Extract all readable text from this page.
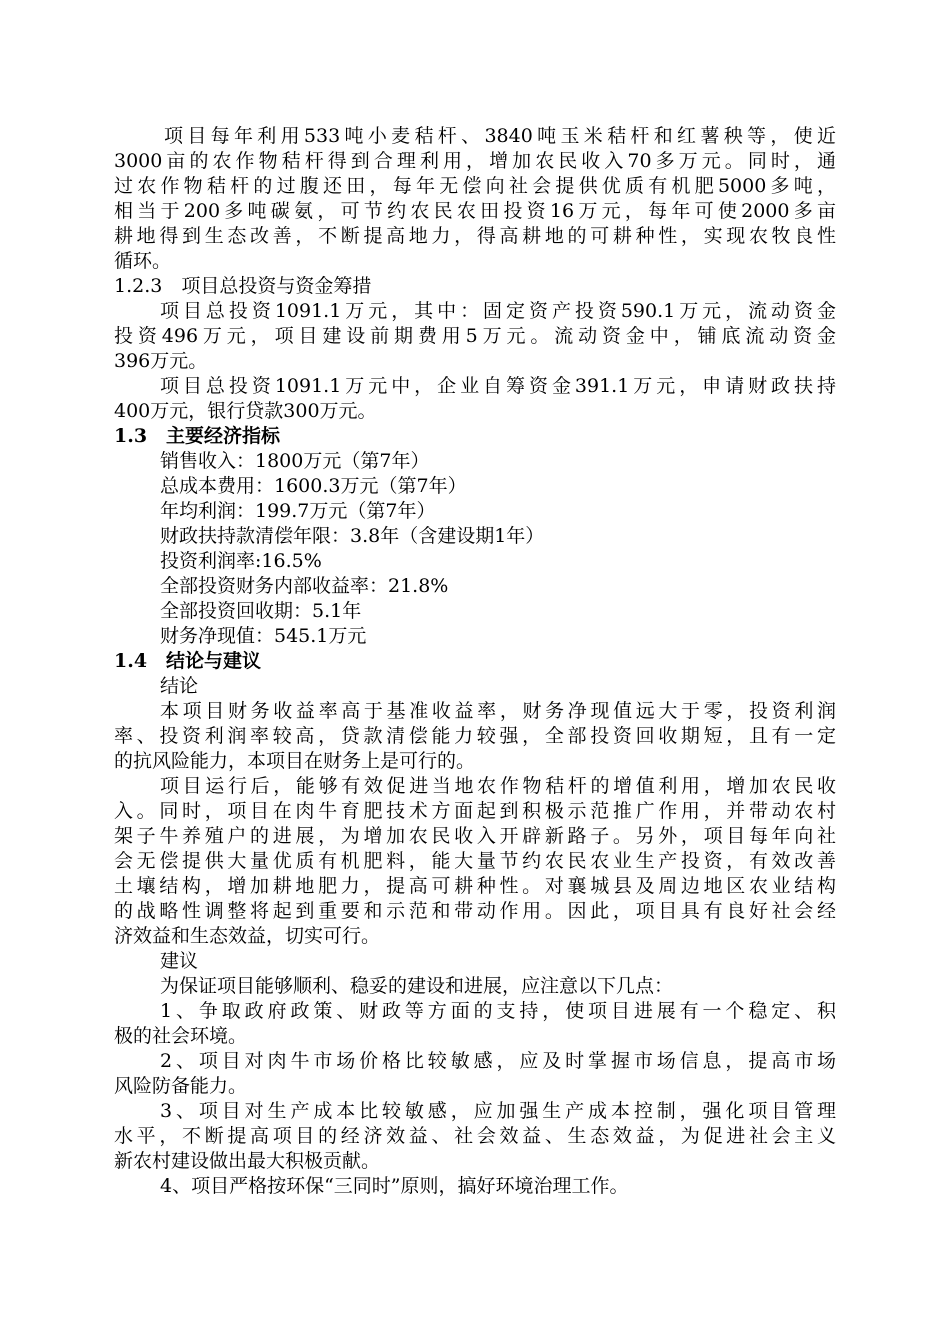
项目每年利用533吨小麦秸杆、3840吨玉米秸杆和红薯秧等，使近
3000亩的农作物秸杆得到合理利用，增加农民收入70多万元。同时，通
过农作物秸杆的过腹还田，每年无偿向社会提供优质有机肥5000多吨，
相当于200多吨碳氨，可节约农民农田投资16万元，每年可使2000多亩
耕地得到生态改善，不断提高地力，得高耕地的可耕种性，实现农牧良性
循环。
1.2.3　项目总投资与资金筹措
项目总投资1091.1万元，其中：固定资产投资590.1万元，流动资金
投资496万元，项目建设前期费用5万元。流动资金中，铺底流动资金
396万元。
项目总投资1091.1万元中，企业自筹资金391.1万元，申请财政扶持
400万元，银行贷款300万元。
1.3　主要经济指标
销售收入：1800万元（第7年）
总成本费用：1600.3万元（第7年）
年均利润：199.7万元（第7年）
财政扶持款清偿年限：3.8年（含建设期1年）
投资利润率:16.5%
全部投资财务内部收益率：21.8%
全部投资回收期：5.1年
财务净现值：545.1万元
1.4　结论与建议
结论
本项目财务收益率高于基准收益率，财务净现值远大于零，投资利润
率、投资利润率较高，贷款清偿能力较强，全部投资回收期短，且有一定
的抗风险能力，本项目在财务上是可行的。
项目运行后，能够有效促进当地农作物秸杆的增值利用，增加农民收
入。同时，项目在肉牛育肥技术方面起到积极示范推广作用，并带动农村
架子牛养殖户的进展，为增加农民收入开辟新路子。另外，项目每年向社
会无偿提供大量优质有机肥料，能大量节约农民农业生产投资，有效改善
土壤结构，增加耕地肥力，提高可耕种性。对襄城县及周边地区农业结构
的战略性调整将起到重要和示范和带动作用。因此，项目具有良好社会经
济效益和生态效益，切实可行。
建议
为保证项目能够顺利、稳妥的建设和进展，应注意以下几点：
1、争取政府政策、财政等方面的支持，使项目进展有一个稳定、积
极的社会环境。
2、项目对肉牛市场价格比较敏感，应及时掌握市场信息，提高市场
风险防备能力。
3、项目对生产成本比较敏感，应加强生产成本控制，强化项目管理
水平，不断提高项目的经济效益、社会效益、生态效益，为促进社会主义
新农村建设做出最大积极贡献。
4、项目严格按环保“三同时”原则，搞好环境治理工作。
